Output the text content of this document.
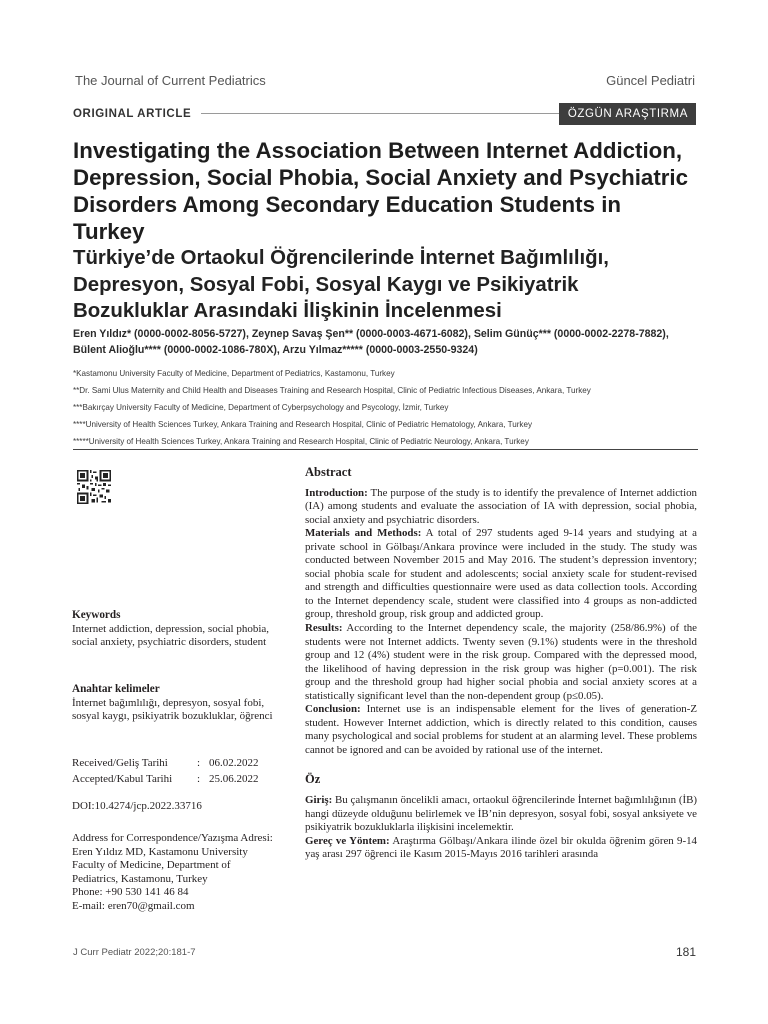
The Journal of Current Pediatrics	Güncel Pediatri
ORIGINAL ARTICLE	ÖZGÜN ARAŞTIRMA
Investigating the Association Between Internet Addiction, Depression, Social Phobia, Social Anxiety and Psychiatric Disorders Among Secondary Education Students in Turkey
Türkiye’de Ortaokul Öğrencilerinde İnternet Bağımlılığı, Depresyon, Sosyal Fobi, Sosyal Kaygı ve Psikiyatrik Bozukluklar Arasındaki İlişkinin İncelenmesi

Eren Yıldız* (0000-0002-8056-5727), Zeynep Savaş Şen** (0000-0003-4671-6082), Selim Günüç*** (0000-0002-2278-7882), Bülent Alioğlu**** (0000-0002-1086-780X), Arzu Yılmaz***** (0000-0003-2550-9324)

*Kastamonu University Faculty of Medicine, Department of Pediatrics, Kastamonu, Turkey
**Dr. Sami Ulus Maternity and Child Health and Diseases Training and Research Hospital, Clinic of Pediatric Infectious Diseases, Ankara, Turkey
***Bakırçay University Faculty of Medicine, Department of Cyberpsychology and Psycology, İzmir, Turkey
****University of Health Sciences Turkey, Ankara Training and Research Hospital, Clinic of Pediatric Hematology, Ankara, Turkey
*****University of Health Sciences Turkey, Ankara Training and Research Hospital, Clinic of Pediatric Neurology, Ankara, Turkey
Keywords
Internet addiction, depression, social phobia, social anxiety, psychiatric disorders, student
Anahtar kelimeler
İnternet bağımlılığı, depresyon, sosyal fobi, sosyal kaygı, psikiyatrik bozukluklar, öğrenci
Received/Geliş Tarihi	: 06.02.2022
Accepted/Kabul Tarihi	: 25.06.2022
DOI:10.4274/jcp.2022.33716
Address for Correspondence/Yazışma Adresi:
Eren Yıldız MD, Kastamonu University
Faculty of Medicine, Department of
Pediatrics, Kastamonu, Turkey
Phone: +90 530 141 46 84
E-mail: eren70@gmail.com
Abstract

Introduction: The purpose of the study is to identify the prevalence of Internet addiction (IA) among students and evaluate the association of IA with depression, social phobia, social anxiety and psychiatric disorders.

Materials and Methods: A total of 297 students aged 9-14 years and studying at a private school in Gölbaşı/Ankara province were included in the study. The study was conducted between November 2015 and May 2016. The student’s depression inventory; social phobia scale for student and adolescents; social anxiety scale for student-revised and strength and difficulties questionnaire were used as data collection tools. According to the Internet dependency scale, student were classified into 4 groups as non-addicted group, threshold group, risk group and addicted group.

Results: According to the Internet dependency scale, the majority (258/86.9%) of the students were not Internet addicts. Twenty seven (9.1%) students were in the threshold group and 12 (4%) student were in the risk group. Compared with the depressed mood, the likelihood of having depression in the risk group was higher (p=0.001). The risk group and the threshold group had higher social phobia and social anxiety scores at a statistically significant level than the non-dependent group (p≤0.05).

Conclusion: Internet use is an indispensable element for the lives of generation-Z student. However Internet addiction, which is directly related to this condition, causes many psychological and social problems for student at an alarming level. These problems cannot be ignored and can be avoided by rational use of the internet.

Öz

Giriş: Bu çalışmanın öncelikli amacı, ortaokul öğrencilerinde İnternet bağımlılığının (İB) hangi düzeyde olduğunu belirlemek ve İB’nin depresyon, sosyal fobi, sosyal anksiyete ve psikiyatrik bozukluklarla ilişkisini incelemektir.

Gereç ve Yöntem: Araştırma Gölbaşı/Ankara ilinde özel bir okulda öğrenim gören 9-14 yaş arası 297 öğrenci ile Kasım 2015-Mayıs 2016 tarihleri arasında

J Curr Pediatr 2022;20:181-7	181
